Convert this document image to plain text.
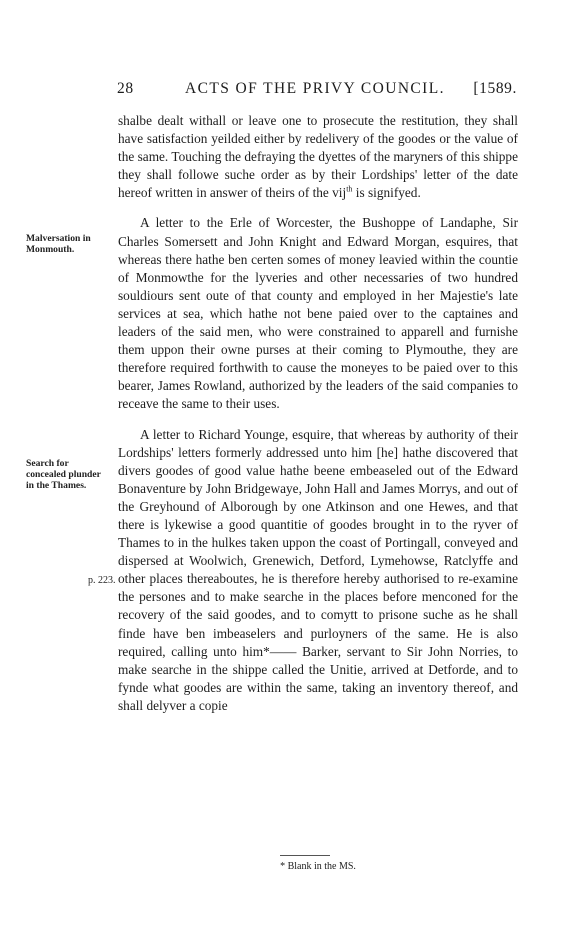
28	ACTS OF THE PRIVY COUNCIL. [1589.
Malversation in Monmouth.
Search for concealed plunder in the Thames.
p. 223.

shalbe dealt withall or leave one to prosecute the restitution, they shall have satisfaction yeilded either by redelivery of the goodes or the value of the same. Touching the defraying the dyettes of the maryners of this shippe they shall followe suche order as by their Lordships' letter of the date hereof written in answer of theirs of the vij$^{th}$ is signifyed.

A letter to the Erle of Worcester, the Bushoppe of Landaphe, Sir Charles Somersett and John Knight and Edward Morgan, esquires, that whereas there hathe ben certen somes of money leavied within the countie of Monmowthe for the lyveries and other necessaries of two hundred souldiours sent oute of that county and employed in her Majestie's late services at sea, which hathe not bene paied over to the captaines and leaders of the said men, who were constrained to apparell and furnishe them uppon their owne purses at their coming to Plymouthe, they are therefore required forthwith to cause the moneyes to be paied over to this bearer, James Rowland, authorized by the leaders of the said companies to receave the same to their uses.

A letter to Richard Younge, esquire, that whereas by authority of their Lordships' letters formerly addressed unto him [he] hathe discovered that divers goodes of good value hathe beene embeaseled out of the Edward Bonaventure by John Bridgewaye, John Hall and James Morrys, and out of the Greyhound of Alborough by one Atkinson and one Hewes, and that there is lykewise a good quantitie of goodes brought in to the ryver of Thames to in the hulkes taken uppon the coast of Portingall, conveyed and dispersed at Woolwich, Grenewich, Detford, Lymehowse, Ratclyffe and other places thereaboutes, he is therefore hereby authorised to re-examine the persones and to make searche in the places before menconed for the recovery of the said goodes, and to comytt to prisone suche as he shall finde have ben imbeaselers and purloyners of the same. He is also required, calling unto him*—— Barker, servant to Sir John Norries, to make searche in the shippe called the Unitie, arrived at Detforde, and to fynde what goodes are within the same, taking an inventory thereof, and shall delyver a copie

* Blank in the MS.
